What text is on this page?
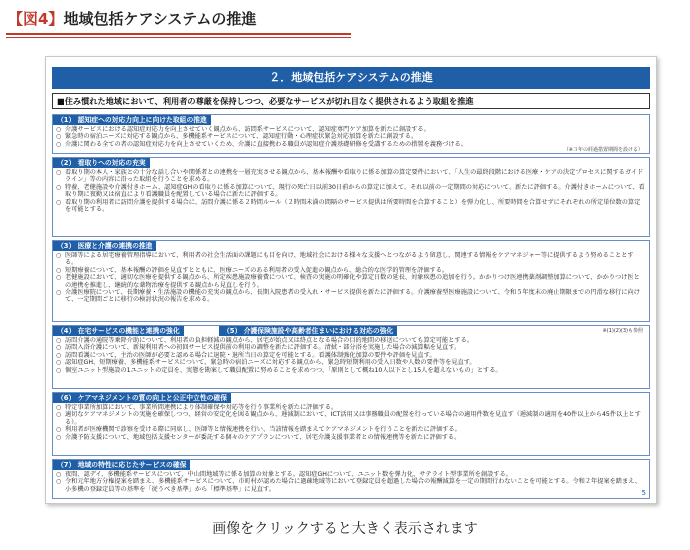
【図4】地域包括ケアシステムの推進
２．地域包括ケアシステムの推進
■住み慣れた地域において、利用者の尊厳を保持しつつ、必要なサービスが切れ目なく提供されるよう取組を推進
（1） 認知症への対応力向上に向けた取組の推進
○ 介護サービスにおける認知症対応力を向上させていく観点から、訪問系サービスについて、認知症専門ケア加算を新たに創設する。
○ 緊急時の宿泊ニーズに対応する観点から、多機能系サービスについて、認知症行動・心理症状緊急対応加算を新たに創設する。
○ 介護に関わる全ての者の認知症対応力を向上させていくため、介護に直接携わる職員が認知症介護基礎研修を受講するための措置を義務づける。
（※３年の経過措置期間を設ける）
（2） 看取りへの対応の充実
○ 看取り期の本人・家族との十分な話し合いや関係者との連携を一層充実させる観点から、基本報酬や看取りに係る加算の算定要件において、「人生の最終段階における医療・ケアの決定プロセスに関するガイドライン」等の内容に沿った取組を行うことを求める。
○ 特養、老健施設や介護付きホーム、認知症GHの看取りに係る加算について、現行の死亡日以前30日前からの算定に加えて、それ以前の一定期間の対応について、新たに評価する。介護付きホームについて、看取り期に夜勤又は宿直により看護職員を配置している場合に新たに評価する。
○ 看取り期の利用者に訪問介護を提供する場合に、訪問介護に係る２時間ルール（２時間未満の間隔のサービス提供は所要時間を合算すること）を弾力化し、所要時間を合算せずにそれぞれの所定単位数の算定を可能とする。
（3） 医療と介護の連携の推進
○ 医師等による居宅療養管理指導において、利用者の社会生活面の課題にも目を向け、地域社会における様々な支援へとつながるよう留意し、関連する情報をケアマネジャー等に提供するよう努めることとする。
○ 短期療養について、基本報酬の評価を見直すとともに、医療ニーズのある利用者の受入促進の観点から、総合的な医学的管理を評価する。
○ 老健施設において、適切な医療を提供する観点から、所定疾患施設療養費について、検査の実施の明確化や算定日数の延長、対象疾患の追加を行う。かかりつけ医連携薬剤調整加算について、かかりつけ医との連携を推進し、継続的な薬物治療を提供する観点から見直しを行う。
○ 介護医療院について、長期療養・生活施設の機能の充実の観点から、長期入院患者の受入れ・サービス提供を新たに評価する。介護療養型医療施設について、令和５年度末の廃止期限までの円滑な移行に向けて、一定期間ごとに移行の検討状況の報告を求める。
（4） 在宅サービスの機能と連携の強化	（5） 介護保険施設や高齢者住まいにおける対応の強化	※(1)(2)(3)も参照
○ 訪問介護の通院等乗降介助について、利用者の負担軽減の観点から、居宅が始点又は終点となる場合の目的地間の移送についても算定可能とする。
○ 訪問入浴介護について、新規利用者への初回サービス提供前の利用の調整を新たに評価する。清拭・部分浴を実施した場合の減算幅を見直す。
○ 訪問看護について、主治の医師が必要と認める場合に退院・退所当日の算定を可能とする。看護体制強化加算の要件や評価を見直す。
○ 認知症GH、短期療養、多機能系サービスについて、緊急時の宿泊ニーズに対応する観点から、緊急時短期利用の受入日数や人数の要件等を見直す。
○ 個室ユニット型施設の1ユニットの定員を、実態を勘案して職員配置に努めることを求めつつ、「原則として概ね10人以下とし15人を超えないもの」とする。
（6） ケアマネジメントの質の向上と公正中立性の確保
○ 特定事業所加算において、事業所間連携により体制確保や対応等を行う事業所を新たに評価する。
○ 適切なケアマネジメントの実施を確保しつつ、経営の安定化を図る観点から、逓減制において、ICT活用又は事務職員の配置を行っている場合の適用件数を見直す（逓減制の適用を40件以上から45件以上とする）。
○ 利用者が医療機関で診察を受ける際に同席し、医師等と情報連携を行い、当該情報を踏まえてケアマネジメントを行うことを新たに評価する。
○ 介護予防支援について、地域包括支援センターが委託する個々のケアプランについて、居宅介護支援事業者との情報連携等を新たに評価する。
（7） 地域の特性に応じたサービスの確保
○ 夜間、認デイ、多機能系サービスについて、中山間地域等に係る加算の対象とする。認知症GHについて、ユニット数を弾力化、サテライト型事業所を創設する。
○ 令和元年地方分権提案を踏まえ、多機能系サービスについて、市町村が認めた場合に過疎地域等において登録定員を超過した場合の報酬減算を一定の期間行わないことを可能とする。令和２年提案を踏まえ、小多機の登録定員等の基準を「従うべき基準」から「標準基準」に見直す。	5
画像をクリックすると大きく表示されます
